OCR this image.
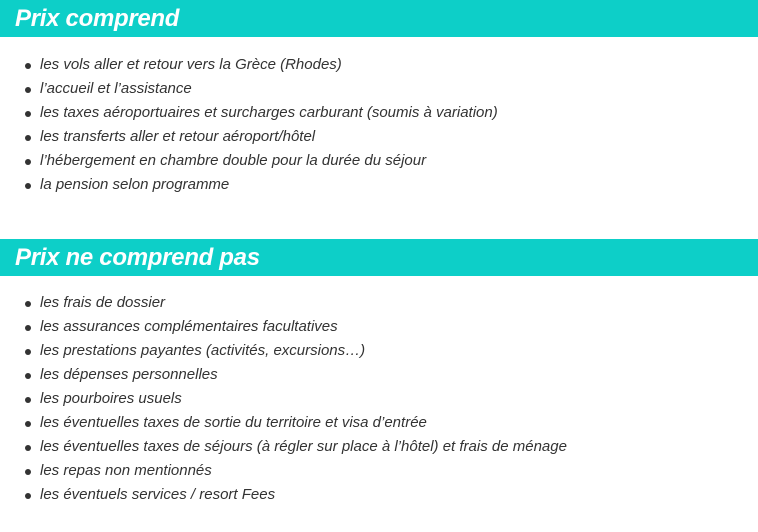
Prix comprend
les vols aller et retour vers la Grèce (Rhodes)
l’accueil et l’assistance
les taxes aéroportuaires et surcharges carburant (soumis à variation)
les transferts aller et retour aéroport/hôtel
l’hébergement en chambre double pour la durée du séjour
la pension selon programme
Prix ne comprend pas
les frais de dossier
les assurances complémentaires facultatives
les prestations payantes (activités, excursions…)
les dépenses personnelles
les pourboires usuels
les éventuelles taxes de sortie du territoire et visa d’entrée
les éventuelles taxes de séjours (à régler sur place à l’hôtel) et frais de ménage
les repas non mentionnés
les éventuels services / resort Fees
